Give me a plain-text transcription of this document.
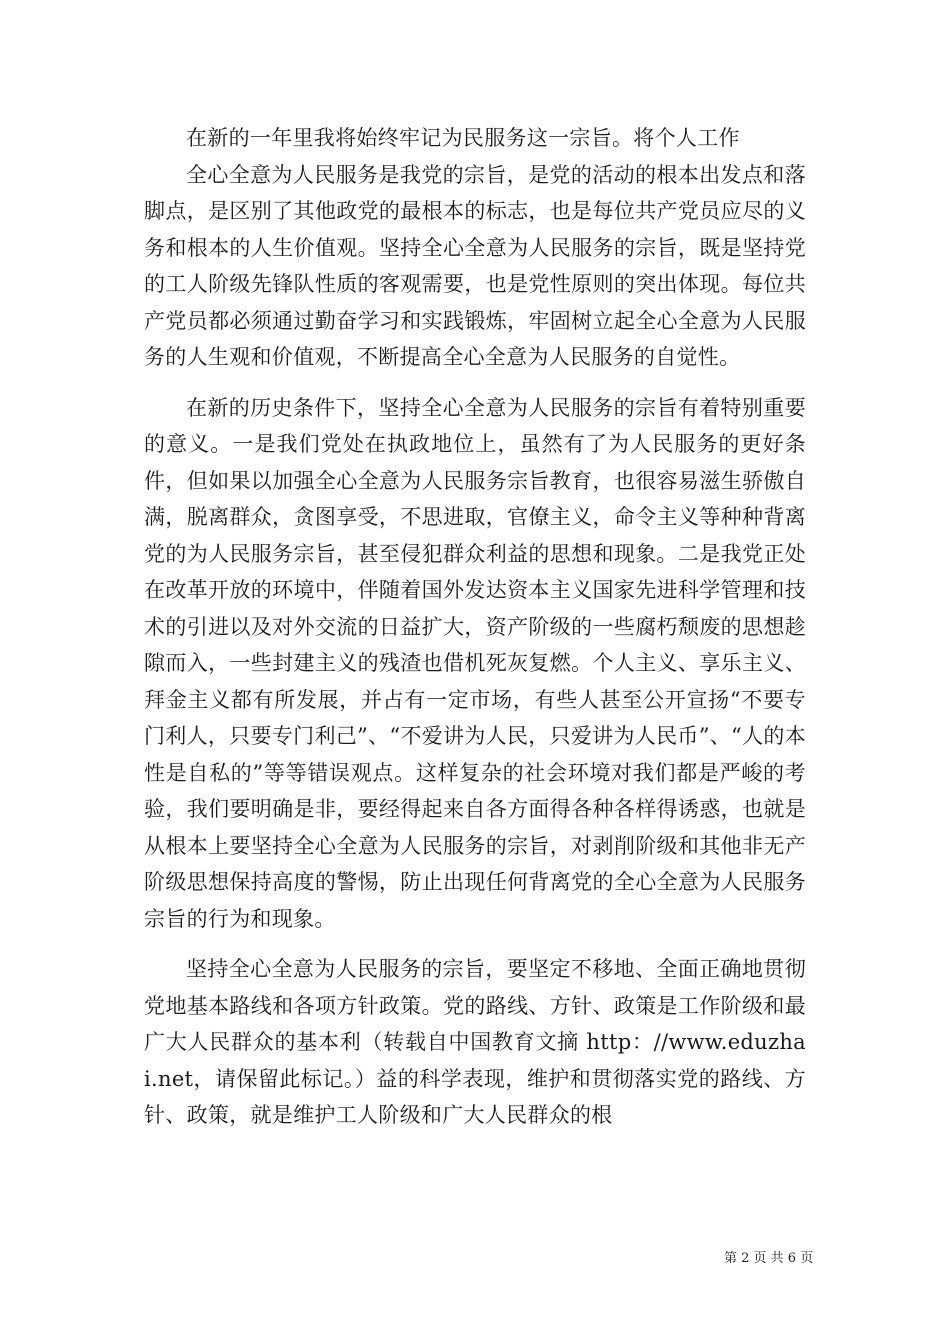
在新的一年里我将始终牢记为民服务这一宗旨。将个人工作

全心全意为人民服务是我党的宗旨，是党的活动的根本出发点和落脚点，是区别了其他政党的最根本的标志，也是每位共产党员应尽的义务和根本的人生价值观。坚持全心全意为人民服务的宗旨，既是坚持党的工人阶级先锋队性质的客观需要，也是党性原则的突出体现。每位共产党员都必须通过勤奋学习和实践锻炼，牢固树立起全心全意为人民服务的人生观和价值观，不断提高全心全意为人民服务的自觉性。

在新的历史条件下，坚持全心全意为人民服务的宗旨有着特别重要的意义。一是我们党处在执政地位上，虽然有了为人民服务的更好条件，但如果以加强全心全意为人民服务宗旨教育，也很容易滋生骄傲自满，脱离群众，贪图享受，不思进取，官僚主义，命令主义等种种背离党的为人民服务宗旨，甚至侵犯群众利益的思想和现象。二是我党正处在改革开放的环境中，伴随着国外发达资本主义国家先进科学管理和技术的引进以及对外交流的日益扩大，资产阶级的一些腐朽颓废的思想趁隙而入，一些封建主义的残渣也借机死灰复燃。个人主义、享乐主义、拜金主义都有所发展，并占有一定市场，有些人甚至公开宣扬“不要专门利人，只要专门利己”、“不爱讲为人民，只爱讲为人民币”、“人的本性是自私的”等等错误观点。这样复杂的社会环境对我们都是严峻的考验，我们要明确是非，要经得起来自各方面得各种各样得诱惑，也就是从根本上要坚持全心全意为人民服务的宗旨，对剥削阶级和其他非无产阶级思想保持高度的警惕，防止出现任何背离党的全心全意为人民服务宗旨的行为和现象。

坚持全心全意为人民服务的宗旨，要坚定不移地、全面正确地贯彻党地基本路线和各项方针政策。党的路线、方针、政策是工作阶级和最广大人民群众的基本利（转载自中国教育文摘 http：//www.eduzhai.net，请保留此标记。）益的科学表现，维护和贯彻落实党的路线、方针、政策，就是维护工人阶级和广大人民群众的根

第 2 页 共 6 页
